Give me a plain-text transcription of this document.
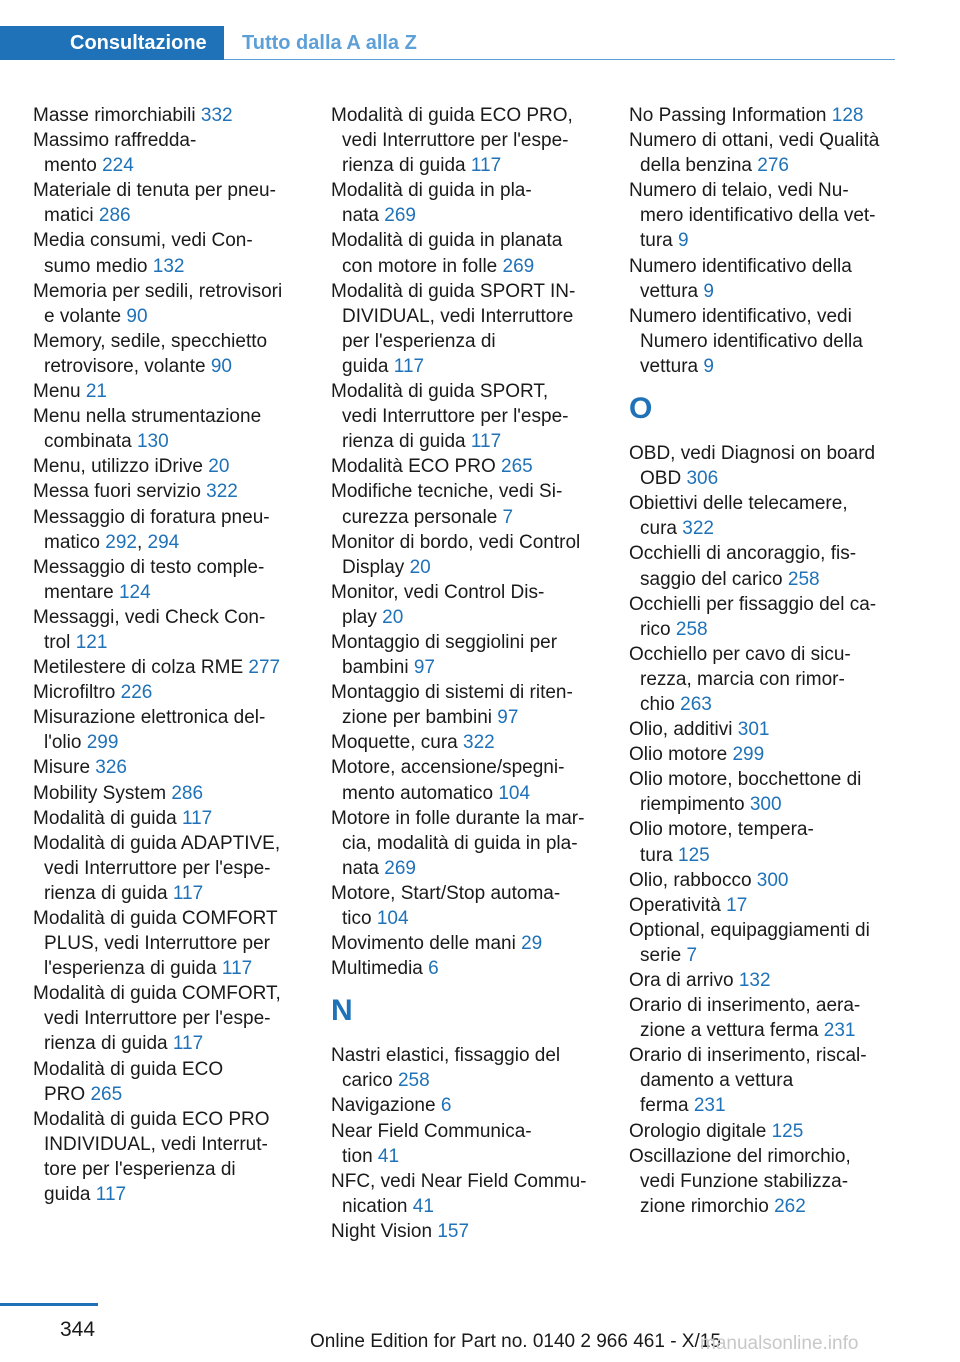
Consultazione	Tutto dalla A alla Z
Masse rimorchiabili 332
Massimo raffredda-
mento 224
Materiale di tenuta per pneu-
matici 286
Media consumi, vedi Con-
sumo medio 132
Memoria per sedili, retrovisori
e volante 90
Memory, sedile, specchietto
retrovisore, volante 90
Menu 21
Menu nella strumentazione
combinata 130
Menu, utilizzo iDrive 20
Messa fuori servizio 322
Messaggio di foratura pneu-
matico 292, 294
Messaggio di testo comple-
mentare 124
Messaggi, vedi Check Con-
trol 121
Metilestere di colza RME 277
Microfiltro 226
Misurazione elettronica del-
l'olio 299
Misure 326
Mobility System 286
Modalità di guida 117
Modalità di guida ADAPTIVE,
vedi Interruttore per l'espe-
rienza di guida 117
Modalità di guida COMFORT
PLUS, vedi Interruttore per
l'esperienza di guida 117
Modalità di guida COMFORT,
vedi Interruttore per l'espe-
rienza di guida 117
Modalità di guida ECO
PRO 265
Modalità di guida ECO PRO
INDIVIDUAL, vedi Interrut-
tore per l'esperienza di
guida 117
Modalità di guida ECO PRO,
vedi Interruttore per l'espe-
rienza di guida 117
Modalità di guida in pla-
nata 269
Modalità di guida in planata
con motore in folle 269
Modalità di guida SPORT IN-
DIVIDUAL, vedi Interruttore
per l'esperienza di
guida 117
Modalità di guida SPORT,
vedi Interruttore per l'espe-
rienza di guida 117
Modalità ECO PRO 265
Modifiche tecniche, vedi Si-
curezza personale 7
Monitor di bordo, vedi Control
Display 20
Monitor, vedi Control Dis-
play 20
Montaggio di seggiolini per
bambini 97
Montaggio di sistemi di riten-
zione per bambini 97
Moquette, cura 322
Motore, accensione/spegni-
mento automatico 104
Motore in folle durante la mar-
cia, modalità di guida in pla-
nata 269
Motore, Start/Stop automa-
tico 104
Movimento delle mani 29
Multimedia 6
N
Nastri elastici, fissaggio del
carico 258
Navigazione 6
Near Field Communica-
tion 41
NFC, vedi Near Field Commu-
nication 41
Night Vision 157
No Passing Information 128
Numero di ottani, vedi Qualità
della benzina 276
Numero di telaio, vedi Nu-
mero identificativo della vet-
tura 9
Numero identificativo della
vettura 9
Numero identificativo, vedi
Numero identificativo della
vettura 9
O
OBD, vedi Diagnosi on board
OBD 306
Obiettivi delle telecamere,
cura 322
Occhielli di ancoraggio, fis-
saggio del carico 258
Occhielli per fissaggio del ca-
rico 258
Occhiello per cavo di sicu-
rezza, marcia con rimor-
chio 263
Olio, additivi 301
Olio motore 299
Olio motore, bocchettone di
riempimento 300
Olio motore, tempera-
tura 125
Olio, rabbocco 300
Operatività 17
Optional, equipaggiamenti di
serie 7
Ora di arrivo 132
Orario di inserimento, aera-
zione a vettura ferma 231
Orario di inserimento, riscal-
damento a vettura
ferma 231
Orologio digitale 125
Oscillazione del rimorchio,
vedi Funzione stabilizza-
zione rimorchio 262
344
Online Edition for Part no. 0140 2 966 461 - X/15
manualsonline.info
